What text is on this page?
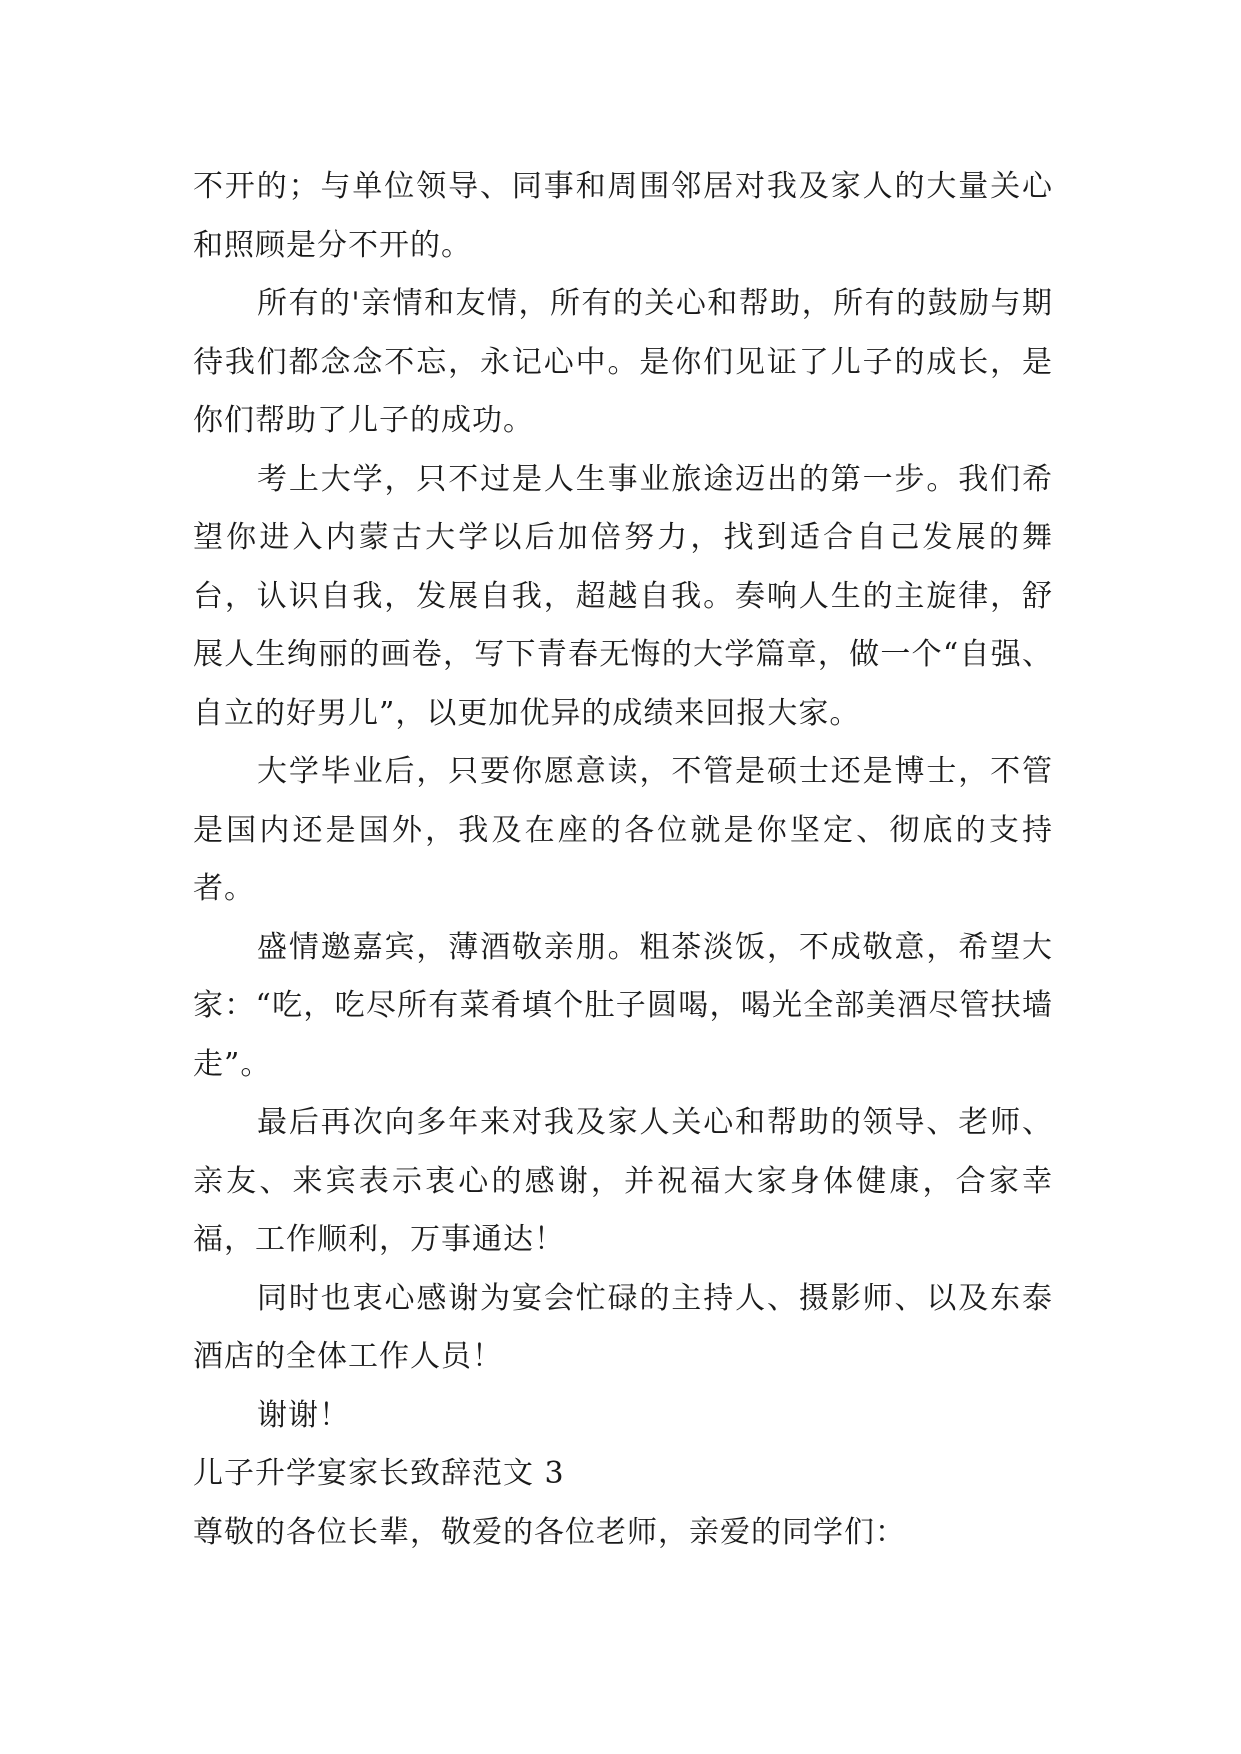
不开的；与单位领导、同事和周围邻居对我及家人的大量关心和照顾是分不开的。

所有的'亲情和友情，所有的关心和帮助，所有的鼓励与期待我们都念念不忘，永记心中。是你们见证了儿子的成长，是你们帮助了儿子的成功。

考上大学，只不过是人生事业旅途迈出的第一步。我们希望你进入内蒙古大学以后加倍努力，找到适合自己发展的舞台，认识自我，发展自我，超越自我。奏响人生的主旋律，舒展人生绚丽的画卷，写下青春无悔的大学篇章，做一个“自强、自立的好男儿”，以更加优异的成绩来回报大家。

大学毕业后，只要你愿意读，不管是硕士还是博士，不管是国内还是国外，我及在座的各位就是你坚定、彻底的支持者。

盛情邀嘉宾，薄酒敬亲朋。粗茶淡饭，不成敬意，希望大家：“吃，吃尽所有菜肴填个肚子圆喝，喝光全部美酒尽管扶墙走”。

最后再次向多年来对我及家人关心和帮助的领导、老师、亲友、来宾表示衷心的感谢，并祝福大家身体健康，合家幸福，工作顺利，万事通达！

同时也衷心感谢为宴会忙碌的主持人、摄影师、以及东泰酒店的全体工作人员！

谢谢！

儿子升学宴家长致辞范文 3

尊敬的各位长辈，敬爱的各位老师，亲爱的同学们：
